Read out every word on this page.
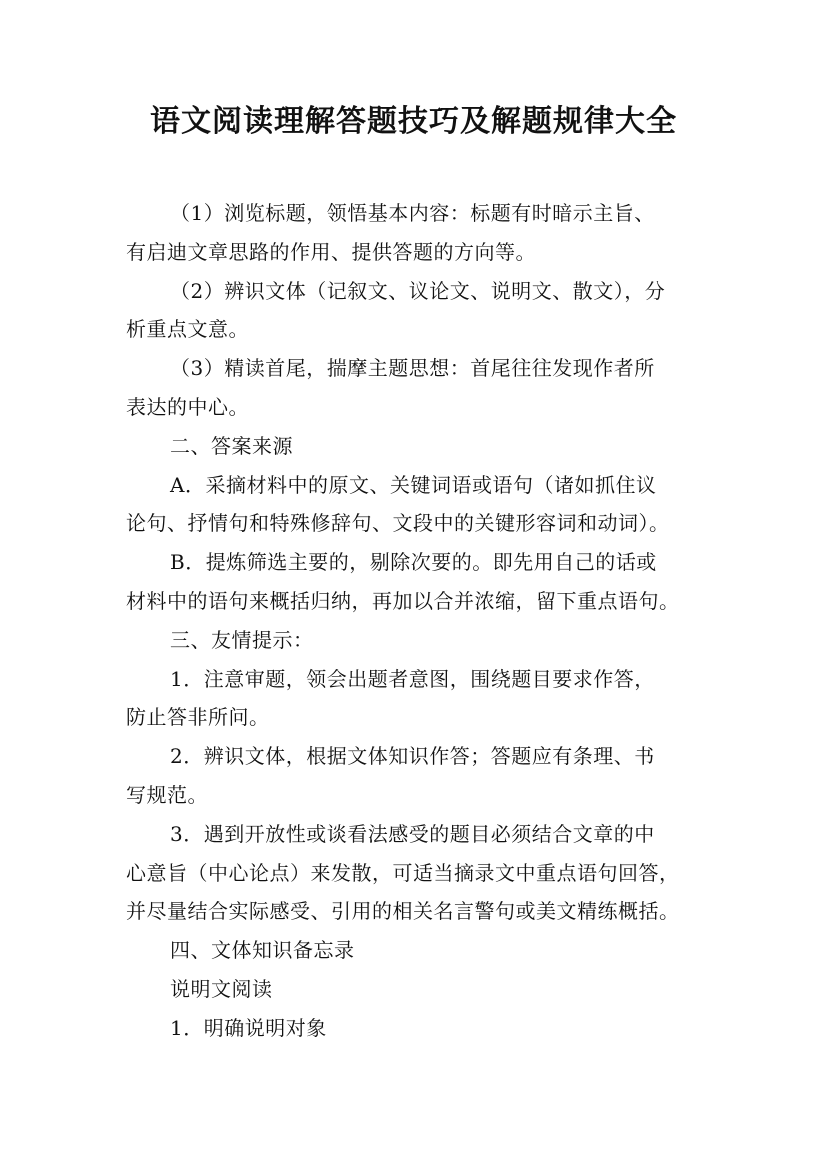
语文阅读理解答题技巧及解题规律大全
（1）浏览标题，领悟基本内容：标题有时暗示主旨、
有启迪文章思路的作用、提供答题的方向等。
（2）辨识文体（记叙文、议论文、说明文、散文），分
析重点文意。
（3）精读首尾，揣摩主题思想：首尾往往发现作者所
表达的中心。
二、答案来源
A．采摘材料中的原文、关键词语或语句（诸如抓住议
论句、抒情句和特殊修辞句、文段中的关键形容词和动词）。
B．提炼筛选主要的，剔除次要的。即先用自己的话或
材料中的语句来概括归纳，再加以合并浓缩，留下重点语句。
三、友情提示：
1．注意审题，领会出题者意图，围绕题目要求作答，
防止答非所问。
2．辨识文体，根据文体知识作答；答题应有条理、书
写规范。
3．遇到开放性或谈看法感受的题目必须结合文章的中
心意旨（中心论点）来发散，可适当摘录文中重点语句回答，
并尽量结合实际感受、引用的相关名言警句或美文精练概括。
四、文体知识备忘录
说明文阅读
1．明确说明对象
